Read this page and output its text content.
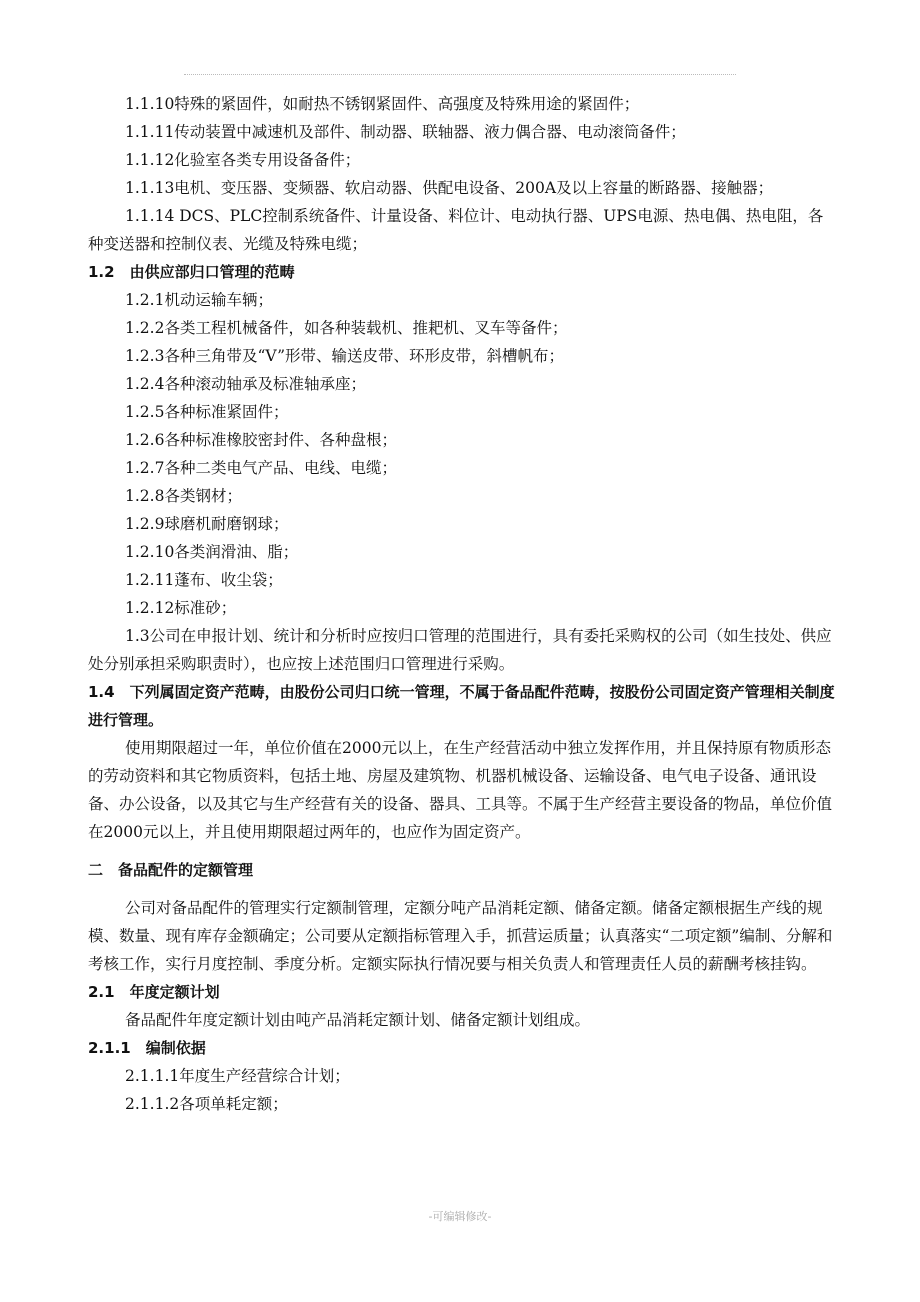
1.1.10特殊的紧固件，如耐热不锈钢紧固件、高强度及特殊用途的紧固件；

1.1.11传动装置中减速机及部件、制动器、联轴器、液力偶合器、电动滚筒备件；

1.1.12化验室各类专用设备备件；

1.1.13电机、变压器、变频器、软启动器、供配电设备、200A及以上容量的断路器、接触器；

1.1.14 DCS、PLC控制系统备件、计量设备、料位计、电动执行器、UPS电源、热电偶、热电阻，各种变送器和控制仪表、光缆及特殊电缆；

1.2　由供应部归口管理的范畴

1.2.1机动运输车辆；

1.2.2各类工程机械备件，如各种装载机、推耙机、叉车等备件；

1.2.3各种三角带及“V”形带、输送皮带、环形皮带，斜槽帆布；

1.2.4各种滚动轴承及标准轴承座；

1.2.5各种标准紧固件；

1.2.6各种标准橡胶密封件、各种盘根；

1.2.7各种二类电气产品、电线、电缆；

1.2.8各类钢材；

1.2.9球磨机耐磨钢球；

1.2.10各类润滑油、脂；

1.2.11蓬布、收尘袋；

1.2.12标准砂；

1.3公司在申报计划、统计和分析时应按归口管理的范围进行，具有委托采购权的公司（如生技处、供应处分别承担采购职责时），也应按上述范围归口管理进行采购。

1.4　下列属固定资产范畴，由股份公司归口统一管理，不属于备品配件范畴，按股份公司固定资产管理相关制度进行管理。

使用期限超过一年，单位价值在2000元以上，在生产经营活动中独立发挥作用，并且保持原有物质形态的劳动资料和其它物质资料，包括土地、房屋及建筑物、机器机械设备、运输设备、电气电子设备、通讯设备、办公设备，以及其它与生产经营有关的设备、器具、工具等。不属于生产经营主要设备的物品，单位价值在2000元以上，并且使用期限超过两年的，也应作为固定资产。

二　备品配件的定额管理

公司对备品配件的管理实行定额制管理，定额分吨产品消耗定额、储备定额。储备定额根据生产线的规模、数量、现有库存金额确定；公司要从定额指标管理入手，抓营运质量；认真落实“二项定额”编制、分解和考核工作，实行月度控制、季度分析。定额实际执行情况要与相关负责人和管理责任人员的薪酬考核挂钩。

2.1　年度定额计划

备品配件年度定额计划由吨产品消耗定额计划、储备定额计划组成。

2.1.1　编制依据

2.1.1.1年度生产经营综合计划；

2.1.1.2各项单耗定额；

-可编辑修改-
